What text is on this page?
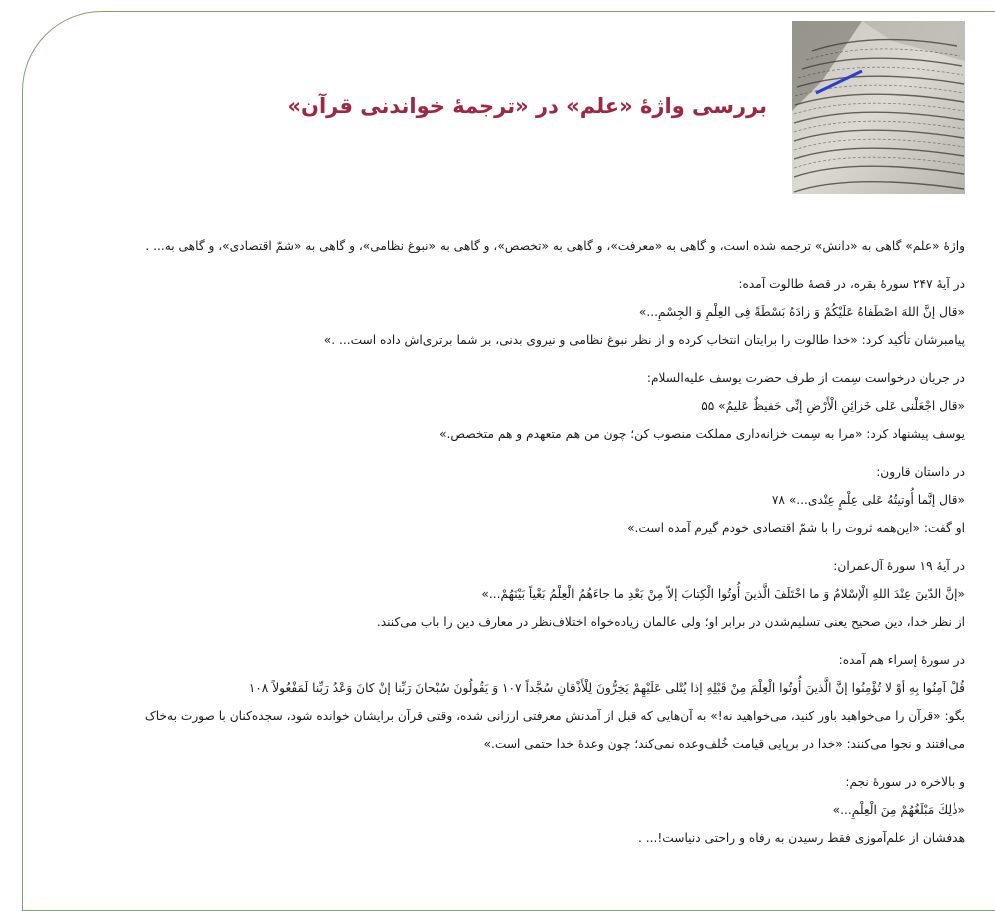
بررسی واژهٔ «علم» در «ترجمهٔ خواندنی قرآن»

واژهٔ «علم» گاهی به «دانش» ترجمه شده است، و گاهی به «معرفت»، و گاهی به «تخصص»، و گاهی به «نبوغ نظامی»، و گاهی به «شمّ اقتصادی»، و گاهی به... .

در آیهٔ ۲۴۷ سورهٔ بقره، در قصهٔ طالوت آمده:

«قال إنَّ اللهَ اصْطَفاهُ عَلَيْكُمْ وَ زادَهُ بَسْطَةً فِى العِلْمِ وَ الجِسْمِ...»

پیامبرشان تأکید کرد: «خدا طالوت را برایتان انتخاب کرده و از نظر نبوغ نظامی و نیروی بدنی، بر شما برتری‌اش داده است... .»

در جریان درخواست سِمت از طرف حضرت یوسف علیه‌السلام:

«قال اجْعَلْنى عَلى خَزائِنِ الْأَرْضِ إنِّى حَفيظٌ عَليمٌ» ۵۵

یوسف پیشنهاد کرد: «مرا به سِمت خزانه‌داری مملکت منصوب کن؛ چون من هم متعهدم و هم متخصص.»

در داستان قارون:

«قال إنَّما أُوتيتُهُ عَلى عِلْمٍ عِنْدى...» ۷۸

او گفت: «این‌همه ثروت را با شمّ اقتصادی خودم گیرم آمده است.»

در آیهٔ ۱۹ سورهٔ آل‌عمران:

«إنَّ الدّينَ عِنْدَ اللهِ الْإسْلامُ وَ ما اخْتَلَفَ الَّذينَ أُوتُوا الْكِتابَ إلاّ مِنْ بَعْدِ ما جاءَهُمُ الْعِلْمُ بَغْياً بَيْنَهُمْ...»

از نظر خدا، دین صحیح یعنی تسلیم‌شدن در برابر او؛ ولی عالمان زیاده‌خواه اختلاف‌نظر در معارف دین را باب می‌کنند.

در سورهٔ إسراء هم آمده:

قُلْ آمِنُوا بِهِ أوْ لا تُؤْمِنُوا إنَّ الَّذينَ أُوتُوا الْعِلْمَ مِنْ قَبْلِهِ إذا يُتْلى عَلَيْهِمْ يَخِرُّونَ لِلْأَذْقانِ سُجَّداً ۱۰۷ وَ يَقُولُونَ سُبْحانَ رَبِّنا إنْ كانَ وَعْدُ رَبِّنا لَمَفْعُولاً ۱۰۸

بگو: «قرآن را می‌خواهید باور کنید، می‌خواهید نه!» به آن‌هایی که قبل از آمدنش معرفتی ارزانی شده، وقتی قرآن برایشان خوانده شود، سجده‌کنان با صورت به‌خاک

می‌افتند و نجوا می‌کنند: «خدا در برپایی قیامت خُلف‌وعده نمی‌کند؛ چون وعدهٔ خدا حتمی است.»

و بالاخره در سورهٔ نجم:

«ذٰلِكَ مَبْلَغُهُمْ مِنَ الْعِلْمِ...»

هدفشان از علم‌آموزی فقط رسیدن به رفاه و راحتی دنیاست!... .
